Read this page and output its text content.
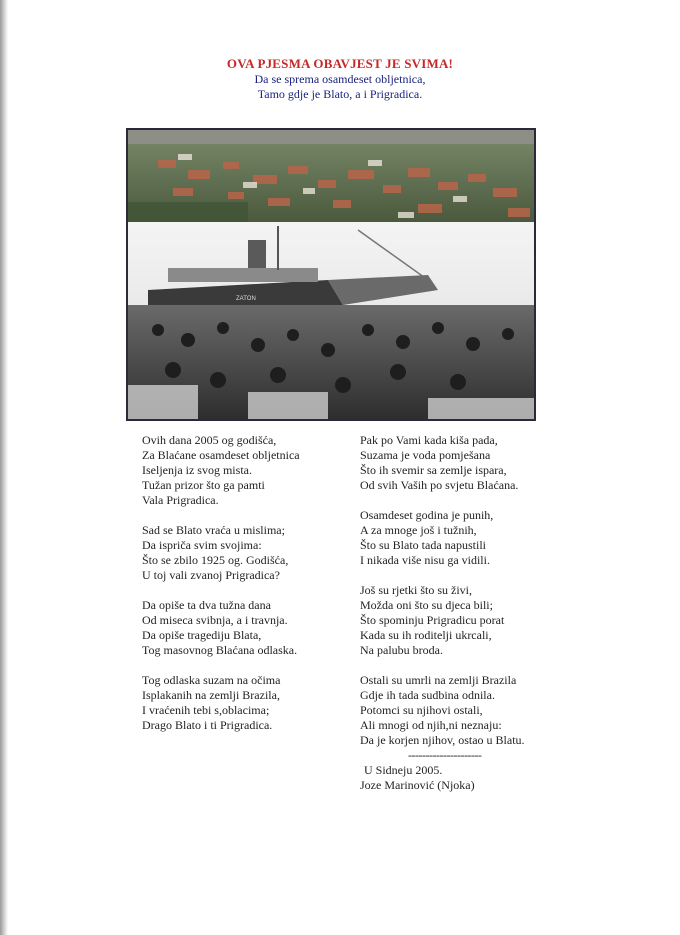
OVA PJESMA OBAVJEST JE SVIMA!
Da se sprema osamdeset obljetnica,
Tamo gdje je Blato, a i Prigradica.
ZATON
Ovih dana 2005 og godišća,
Za Blaćane osamdeset obljetnica
Iseljenja iz svog mista.
Tužan prizor što ga pamti
Vala Prigradica.
Sad se Blato vraća u mislima;
Da ispriča svim svojima:
Što se zbilo 1925 og. Godišća,
U toj vali zvanoj Prigradica?
Da opiše ta dva tužna dana
Od miseca svibnja, a i travnja.
Da opiše tragediju Blata,
Tog masovnog Blaćana odlaska.
Tog odlaska suzam na očima
Isplakanih na zemlji Brazila,
I vraćenih tebi s,oblacima;
Drago Blato i ti Prigradica.
Pak po Vami kada kiša pada,
Suzama je voda pomješana
Što ih svemir sa zemlje ispara,
Od svih Vaših po svjetu Blaćana.
Osamdeset godina je punih,
A za mnoge još i tužnih,
Što su Blato tada napustili
I nikada više nisu ga vidili.
Još su rjetki što su živi,
Možda oni što su djeca bili;
Što spominju Prigradicu porat
Kada su ih roditelji ukrcali,
Na palubu broda.
Ostali su umrli na zemlji Brazila
Gdje ih tada sudbina odnila.
Potomci su njihovi ostali,
Ali mnogi od njih,ni neznaju:
Da je korjen njihov, ostao u Blatu.
---------------------
U Sidneju 2005.
Joze Marinović (Njoka)
